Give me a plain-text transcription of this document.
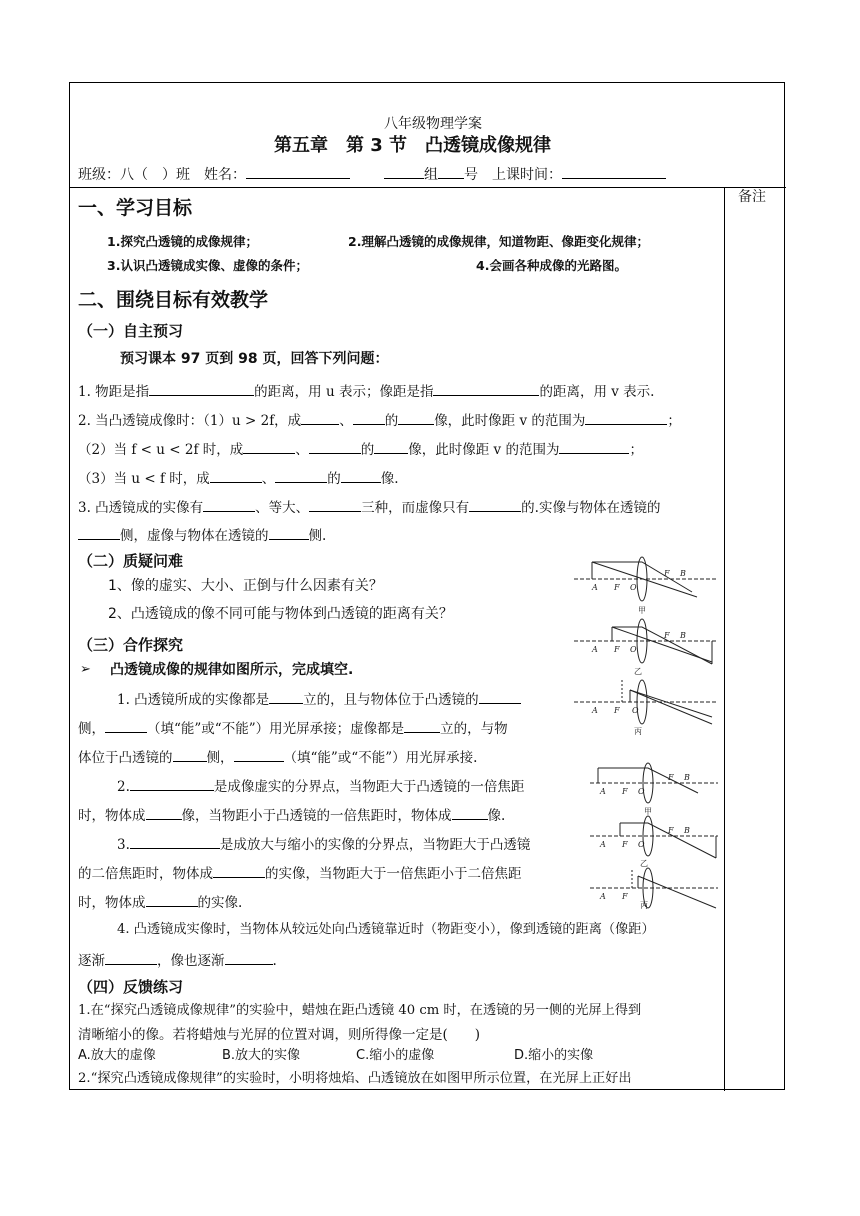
八年级物理学案
第五章　第 3 节　凸透镜成像规律
班级：八（　）班　姓名：	组 号　上课时间：
备注
一、学习目标
1.探究凸透镜的成像规律；	2.理解凸透镜的成像规律，知道物距、像距变化规律；
3.认识凸透镜成实像、虚像的条件；	4.会画各种成像的光路图。
二、围绕目标有效教学
（一）自主预习
预习课本 97 页到 98 页，回答下列问题：
1. 物距是指	的距离，用 u 表示；像距是指	的距离，用 v 表示.
2. 当凸透镜成像时：（1）u > 2f，成	、 的	像，此时像距 v 的范围为	；
（2）当 f < u < 2f 时，成	、	的	像，此时像距 v 的范围为	；
（3）当 u < f 时，成	、	的	像.
3. 凸透镜成的实像有	、等大、	三种，而虚像只有	的.实像与物体在透镜的
侧，虚像与物体在透镜的	侧.
（二）质疑问难
1、像的虚实、大小、正倒与什么因素有关？
2、凸透镜成的像不同可能与物体到凸透镜的距离有关？
（三）合作探究
➢ 凸透镜成像的规律如图所示，完成填空.
1. 凸透镜所成的实像都是	立的，且与物体位于凸透镜的
侧，	（填“能”或“不能”）用光屏承接；虚像都是	立的，与物
体位于凸透镜的	侧，	（填“能”或“不能”）用光屏承接.
2.	是成像虚实的分界点，当物距大于凸透镜的一倍焦距
时，物体成	像，当物距小于凸透镜的一倍焦距时，物体成	像.
3.	是成放大与缩小的实像的分界点，当物距大于凸透镜
的二倍焦距时，物体成	的实像，当物距大于一倍焦距小于二倍焦距
时，物体成	的实像.
4. 凸透镜成实像时，当物体从较远处向凸透镜靠近时（物距变小），像到透镜的距离（像距）
逐渐	，像也逐渐	.
（四）反馈练习
1.在“探究凸透镜成像规律”的实验中，蜡烛在距凸透镜 40 cm 时，在透镜的另一侧的光屏上得到
清晰缩小的像。若将蜡烛与光屏的位置对调，则所得像一定是(　　)
A.放大的虚像	B.放大的实像	C.缩小的虚像	D.缩小的实像
2.“探究凸透镜成像规律”的实验时，小明将烛焰、凸透镜放在如图甲所示位置，在光屏上正好出
A F O
F B
A F O
F B
A F O
甲
乙
丙
A F O
F B
A F O
F B
A F
甲
乙
丙
